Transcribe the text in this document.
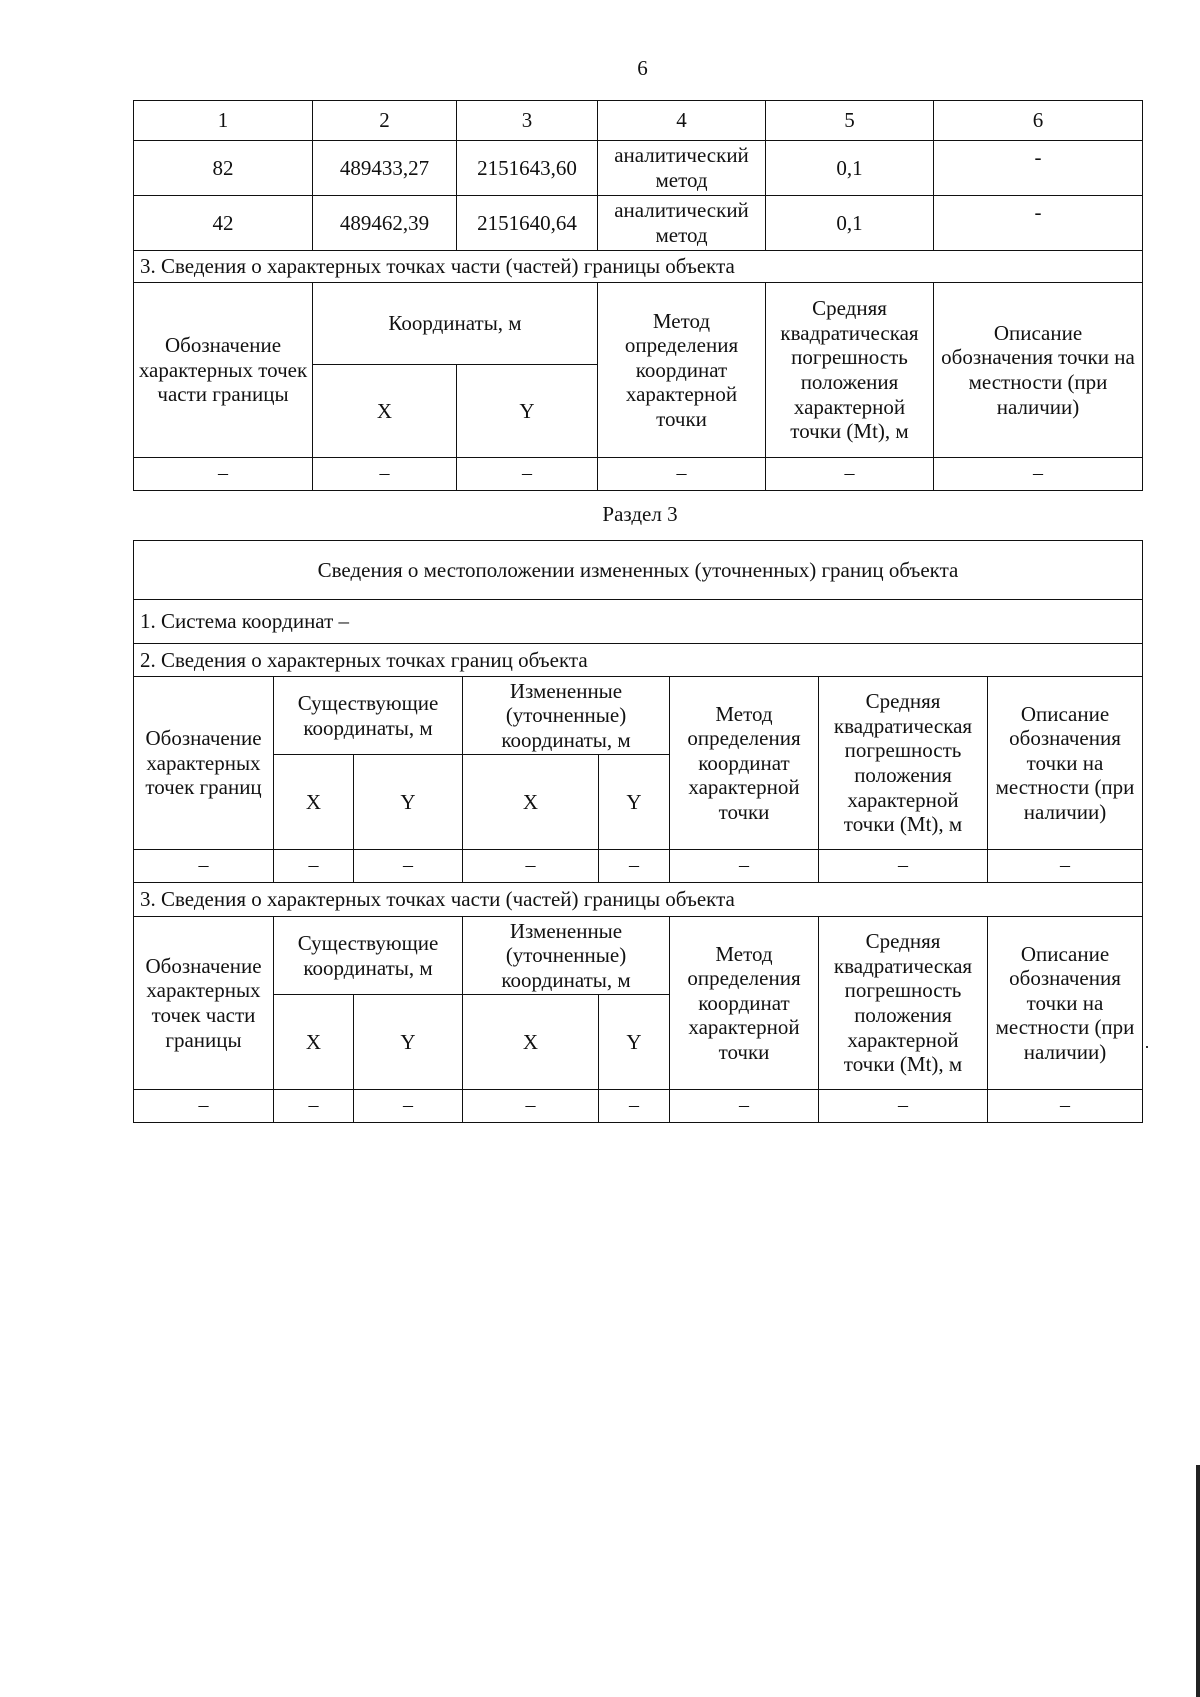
6
1	2	3	4	5	6
82	489433,27	2151643,60	аналитический метод	0,1	-
42	489462,39	2151640,64	аналитический метод	0,1	-
3. Сведения о характерных точках части (частей) границы объекта					
Обозначение характерных точек части границы	Координаты, м		Метод определения координат характерной точки	Средняя квадратическая погрешность положения характерной точки (Mt), м	Описание обозначения точки на местности (при наличии)
	X	Y			
–	–	–	–	–	–
Раздел 3
Сведения о местоположении измененных (уточненных) границ объекта							
1. Система координат –							
2. Сведения о характерных точках границ объекта							
Обозначение характерных точек границ	Существующие координаты, м		Измененные (уточненные) координаты, м		Метод определения координат характерной точки	Средняя квадратическая погрешность положения характерной точки (Mt), м	Описание обозначения точки на местности (при наличии)
	X	Y	X	Y			
–	–	–	–	–	–	–	–
3. Сведения о характерных точках части (частей) границы объекта							
Обозначение характерных точек части границы	Существующие координаты, м		Измененные (уточненные) координаты, м		Метод определения координат характерной точки	Средняя квадратическая погрешность положения характерной точки (Mt), м	Описание обозначения точки на местности (при наличии)
	X	Y	X	Y			
–	–	–	–	–	–	–	–
